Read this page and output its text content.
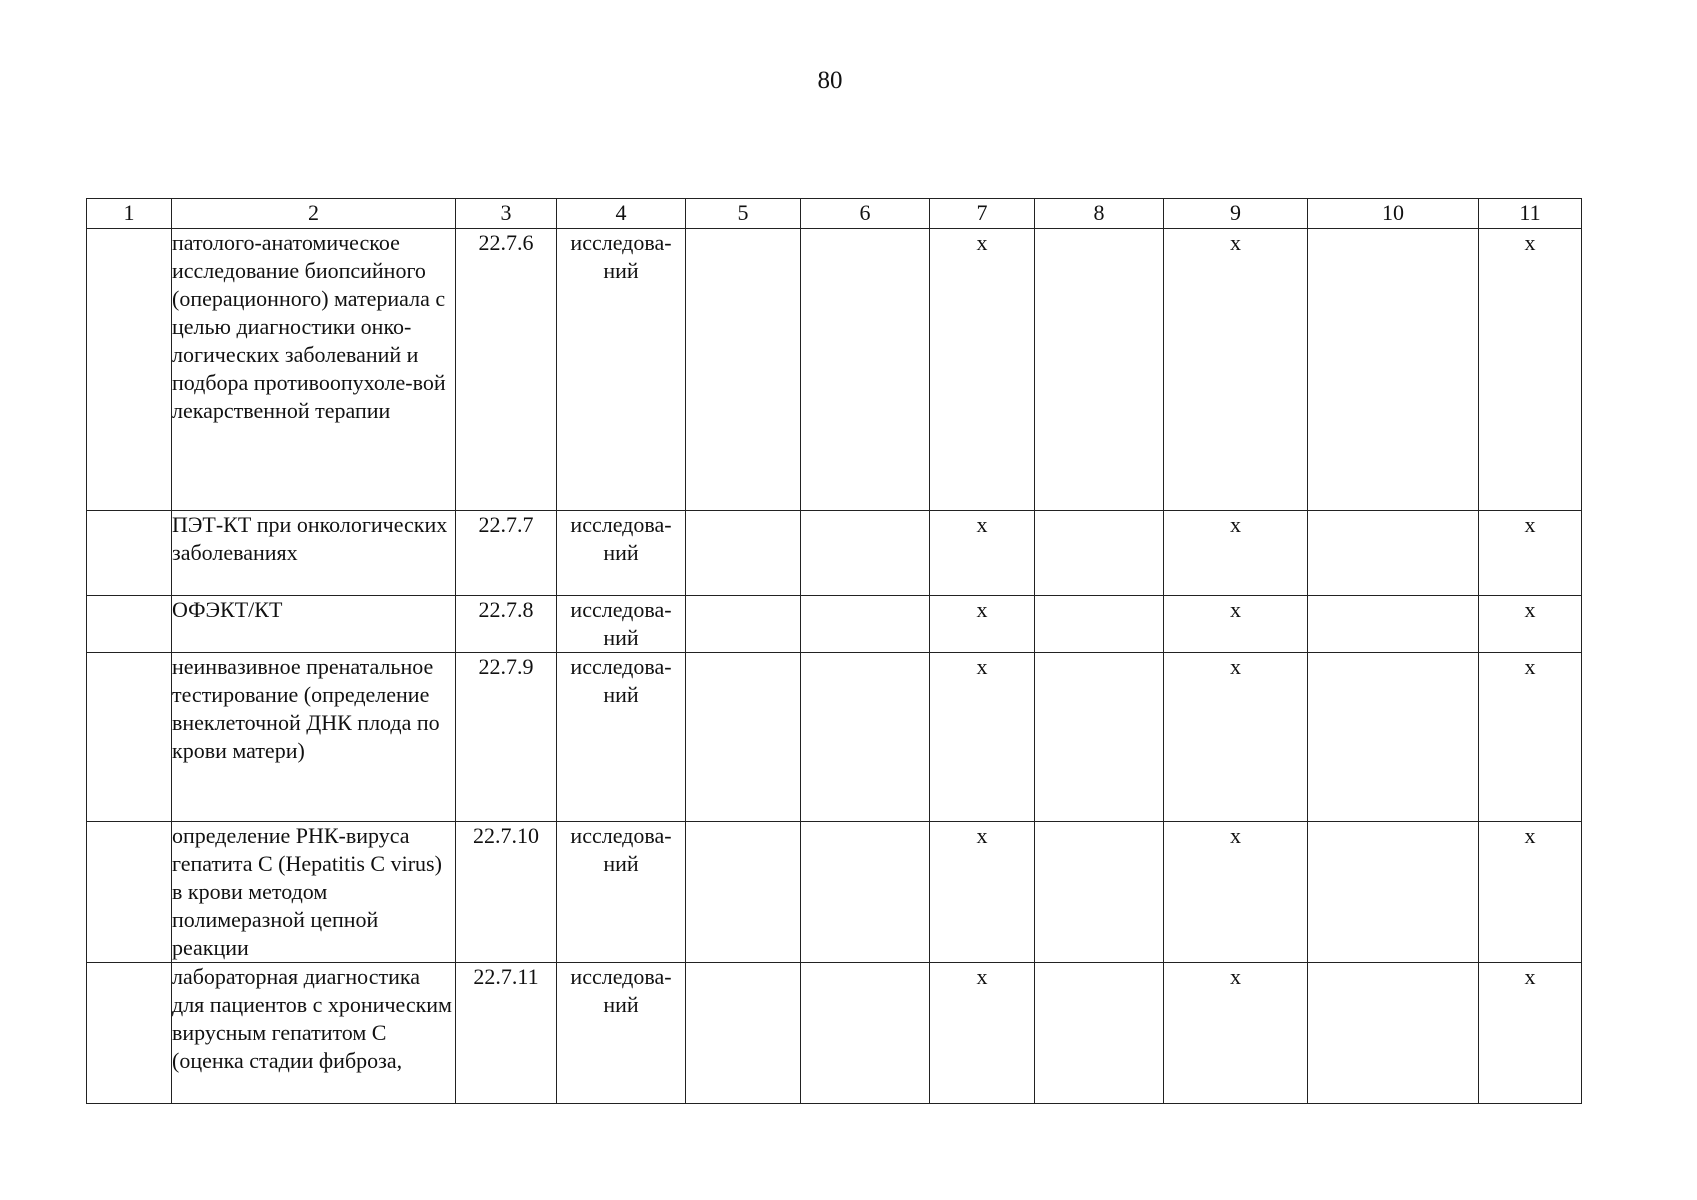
80
1	2	3	4	5	6	7	8	9	10	11
	патолого-анатомическое исследование биопсийного (операционного) материала с целью диагностики онко-логических заболеваний и подбора противоопухоле-вой лекарственной терапии	22.7.6	исследова-ний			x		x		x
	ПЭТ-КТ при онкологических заболеваниях	22.7.7	исследова-ний			x		x		x
	ОФЭКТ/КТ	22.7.8	исследова-ний			x		x		x
	неинвазивное пренатальное тестирование (определение внеклеточной ДНК плода по крови матери)	22.7.9	исследова-ний			x		x		x
	определение РНК-вируса гепатита C (Hepatitis C virus) в крови методом полимеразной цепной реакции	22.7.10	исследова-ний			x		x		x
	лабораторная диагностика для пациентов с хроническим вирусным гепатитом C (оценка стадии фиброза,	22.7.11	исследова-ний			x		x		x
